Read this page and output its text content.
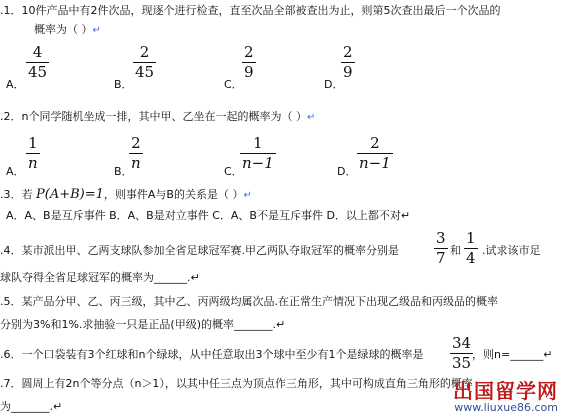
.1．10件产品中有2件次品，现逐个进行检查，直至次品全部被查出为止，则第5次查出最后一个次品的
概率为（ ）↵
A．
4
45
B．
2
45
C．
2
9
D．
2
9
.2．n个同学随机坐成一排，其中甲、乙坐在一起的概率为（ ）↵
A．
1
n	B．
2
n	C．
1
n−1	D．
2
n−1
.3．若 P(A+B)=1，则事件A与B的关系是（ ）↵
A．A、B是互斥事件 B．A、B是对立事件 C．A、B不是互斥事件 D．以上都不对↵
.4．某市派出甲、乙两支球队参加全省足球冠军赛.甲乙两队夺取冠军的概率分别是
3
7 和
1
4 .试求该市足
球队夺得全省足球冠军的概率为______.↵
.5．某产品分甲、乙、丙三级，其中乙、丙两级均属次品.在正常生产情况下出现乙级品和丙级品的概率
分别为3%和1%.求抽验一只是正品(甲级)的概率_______.↵
.6．一个口袋装有3个红球和n个绿球，从中任意取出3个球中至少有1个是绿球的概率是
34
35 ，则n=______↵
.7．圆周上有2n个等分点（n＞1），以其中任三点为顶点作三角形，其中可构成直角三角形的概率
为_______.↵
出国留学网
www.liuxue86.com
